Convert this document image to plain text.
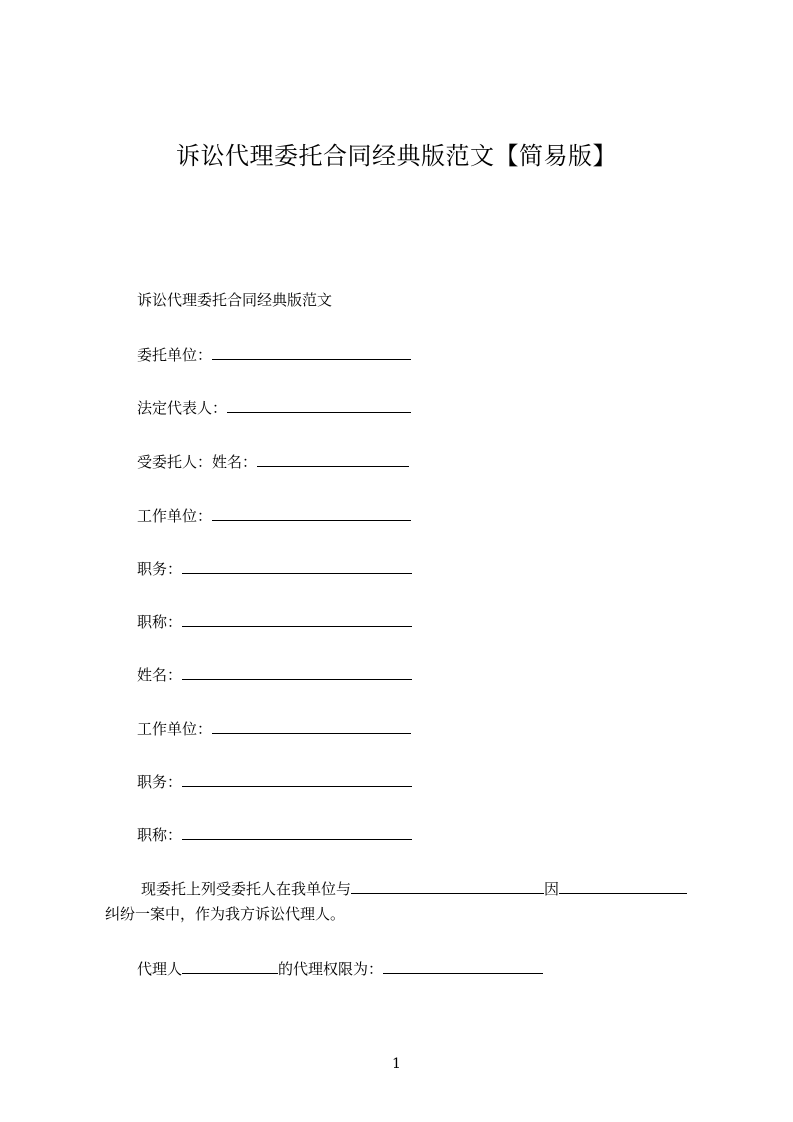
诉讼代理委托合同经典版范文【简易版】
诉讼代理委托合同经典版范文
委托单位：
法定代表人：
受委托人：姓名：
工作单位：
职务：
职称：
姓名：
工作单位：
职务：
职称：
现委托上列受委托人在我单位与	因
纠纷一案中，作为我方诉讼代理人。
代理人	的代理权限为：
1
